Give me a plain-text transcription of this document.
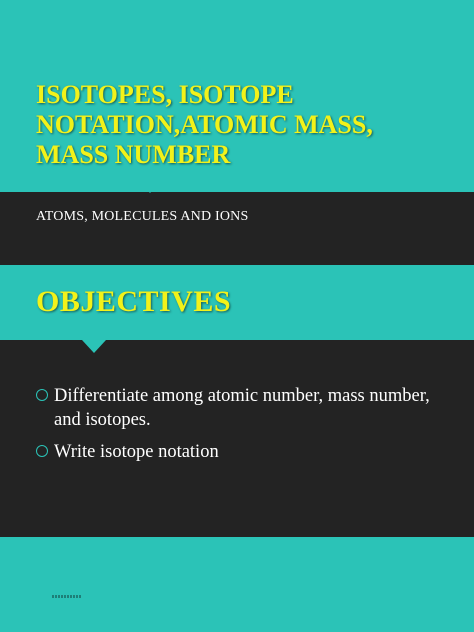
ISOTOPES, ISOTOPE
NOTATION,ATOMIC MASS,
MASS NUMBER
ATOMS, MOLECULES AND IONS
OBJECTIVES
Differentiate among atomic number, mass number, and isotopes.
Write isotope notation
